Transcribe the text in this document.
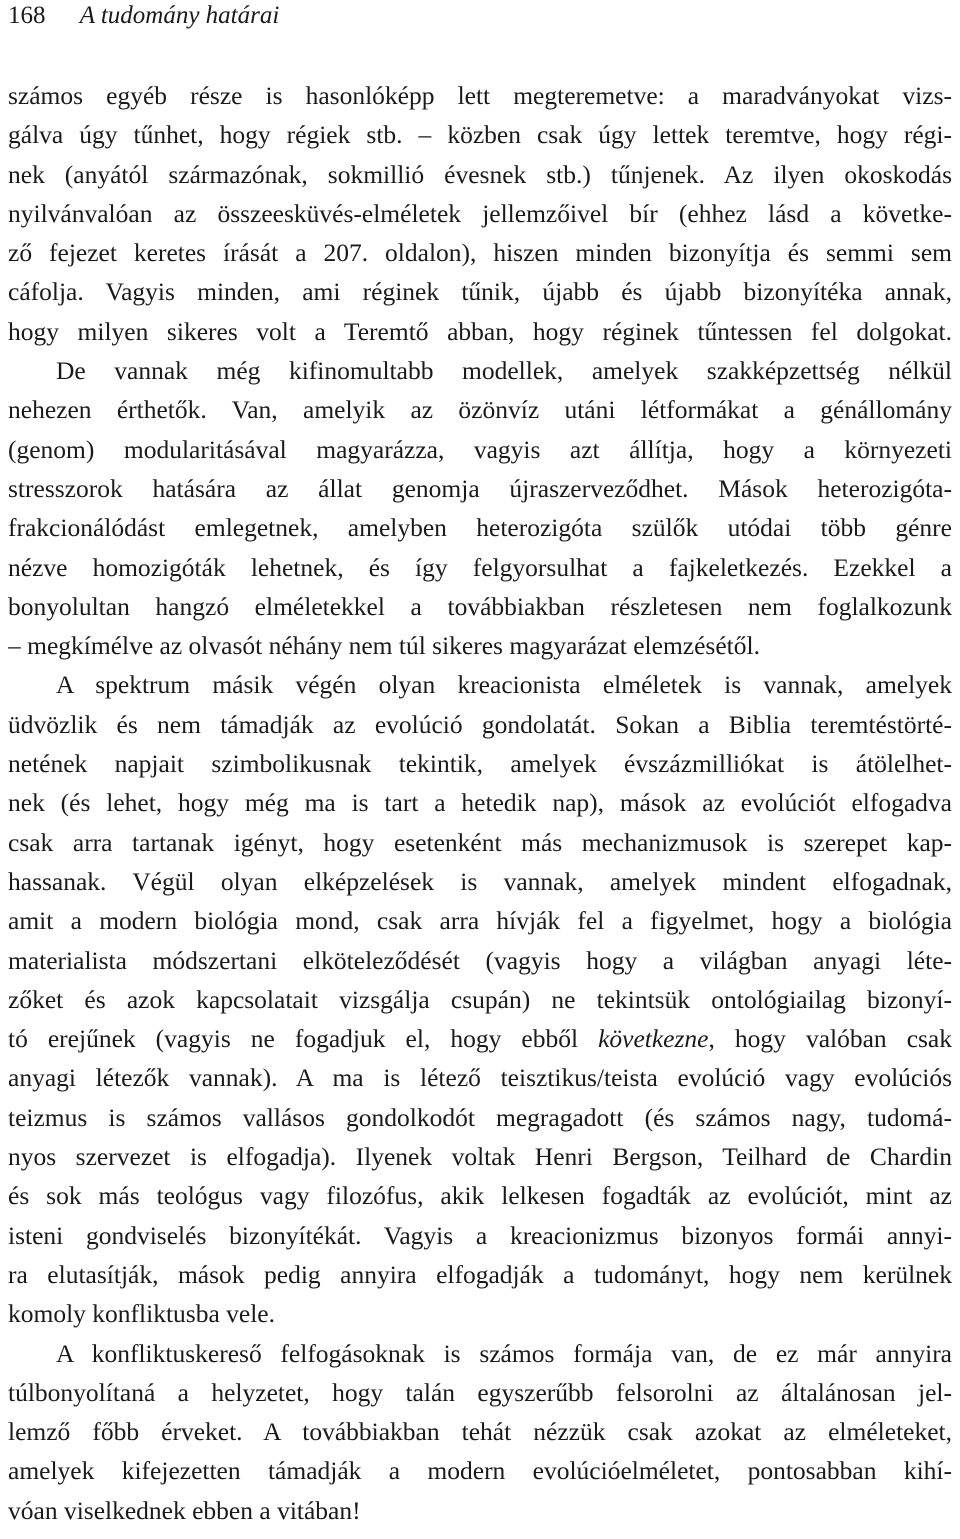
168 A tudomány határai
számos egyéb része is hasonlóképp lett megteremetve: a maradványokat vizs-
gálva úgy tűnhet, hogy régiek stb. – közben csak úgy lettek teremtve, hogy régi-
nek (anyától származónak, sokmillió évesnek stb.) tűnjenek. Az ilyen okoskodás
nyilvánvalóan az összeesküvés-elméletek jellemzőivel bír (ehhez lásd a követke-
ző fejezet keretes írását a 207. oldalon), hiszen minden bizonyítja és semmi sem
cáfolja. Vagyis minden, ami réginek tűnik, újabb és újabb bizonyítéka annak,
hogy milyen sikeres volt a Teremtő abban, hogy réginek tűntessen fel dolgokat.
De vannak még kifinomultabb modellek, amelyek szakképzettség nélkül
nehezen érthetők. Van, amelyik az özönvíz utáni létformákat a génállomány
(genom) modularitásával magyarázza, vagyis azt állítja, hogy a környezeti
stresszorok hatására az állat genomja újraszerveződhet. Mások heterozigóta-
frakcionálódást emlegetnek, amelyben heterozigóta szülők utódai több génre
nézve homozigóták lehetnek, és így felgyorsulhat a fajkeletkezés. Ezekkel a
bonyolultan hangzó elméletekkel a továbbiakban részletesen nem foglalkozunk
– megkímélve az olvasót néhány nem túl sikeres magyarázat elemzésétől.
A spektrum másik végén olyan kreacionista elméletek is vannak, amelyek
üdvözlik és nem támadják az evolúció gondolatát. Sokan a Biblia teremtéstörté-
netének napjait szimbolikusnak tekintik, amelyek évszázmilliókat is átölelhet-
nek (és lehet, hogy még ma is tart a hetedik nap), mások az evolúciót elfogadva
csak arra tartanak igényt, hogy esetenként más mechanizmusok is szerepet kap-
hassanak. Végül olyan elképzelések is vannak, amelyek mindent elfogadnak,
amit a modern biológia mond, csak arra hívják fel a figyelmet, hogy a biológia
materialista módszertani elköteleződését (vagyis hogy a világban anyagi léte-
zőket és azok kapcsolatait vizsgálja csupán) ne tekintsük ontológiailag bizonyí-
tó erejűnek (vagyis ne fogadjuk el, hogy ebből következne, hogy valóban csak
anyagi létezők vannak). A ma is létező teisztikus/teista evolúció vagy evolúciós
teizmus is számos vallásos gondolkodót megragadott (és számos nagy, tudomá-
nyos szervezet is elfogadja). Ilyenek voltak Henri Bergson, Teilhard de Chardin
és sok más teológus vagy filozófus, akik lelkesen fogadták az evolúciót, mint az
isteni gondviselés bizonyítékát. Vagyis a kreacionizmus bizonyos formái annyi-
ra elutasítják, mások pedig annyira elfogadják a tudományt, hogy nem kerülnek
komoly konfliktusba vele.
A konfliktuskereső felfogásoknak is számos formája van, de ez már annyira
túlbonyolítaná a helyzetet, hogy talán egyszerűbb felsorolni az általánosan jel-
lemző főbb érveket. A továbbiakban tehát nézzük csak azokat az elméleteket,
amelyek kifejezetten támadják a modern evolúcióelméletet, pontosabban kihí-
vóan viselkednek ebben a vitában!
